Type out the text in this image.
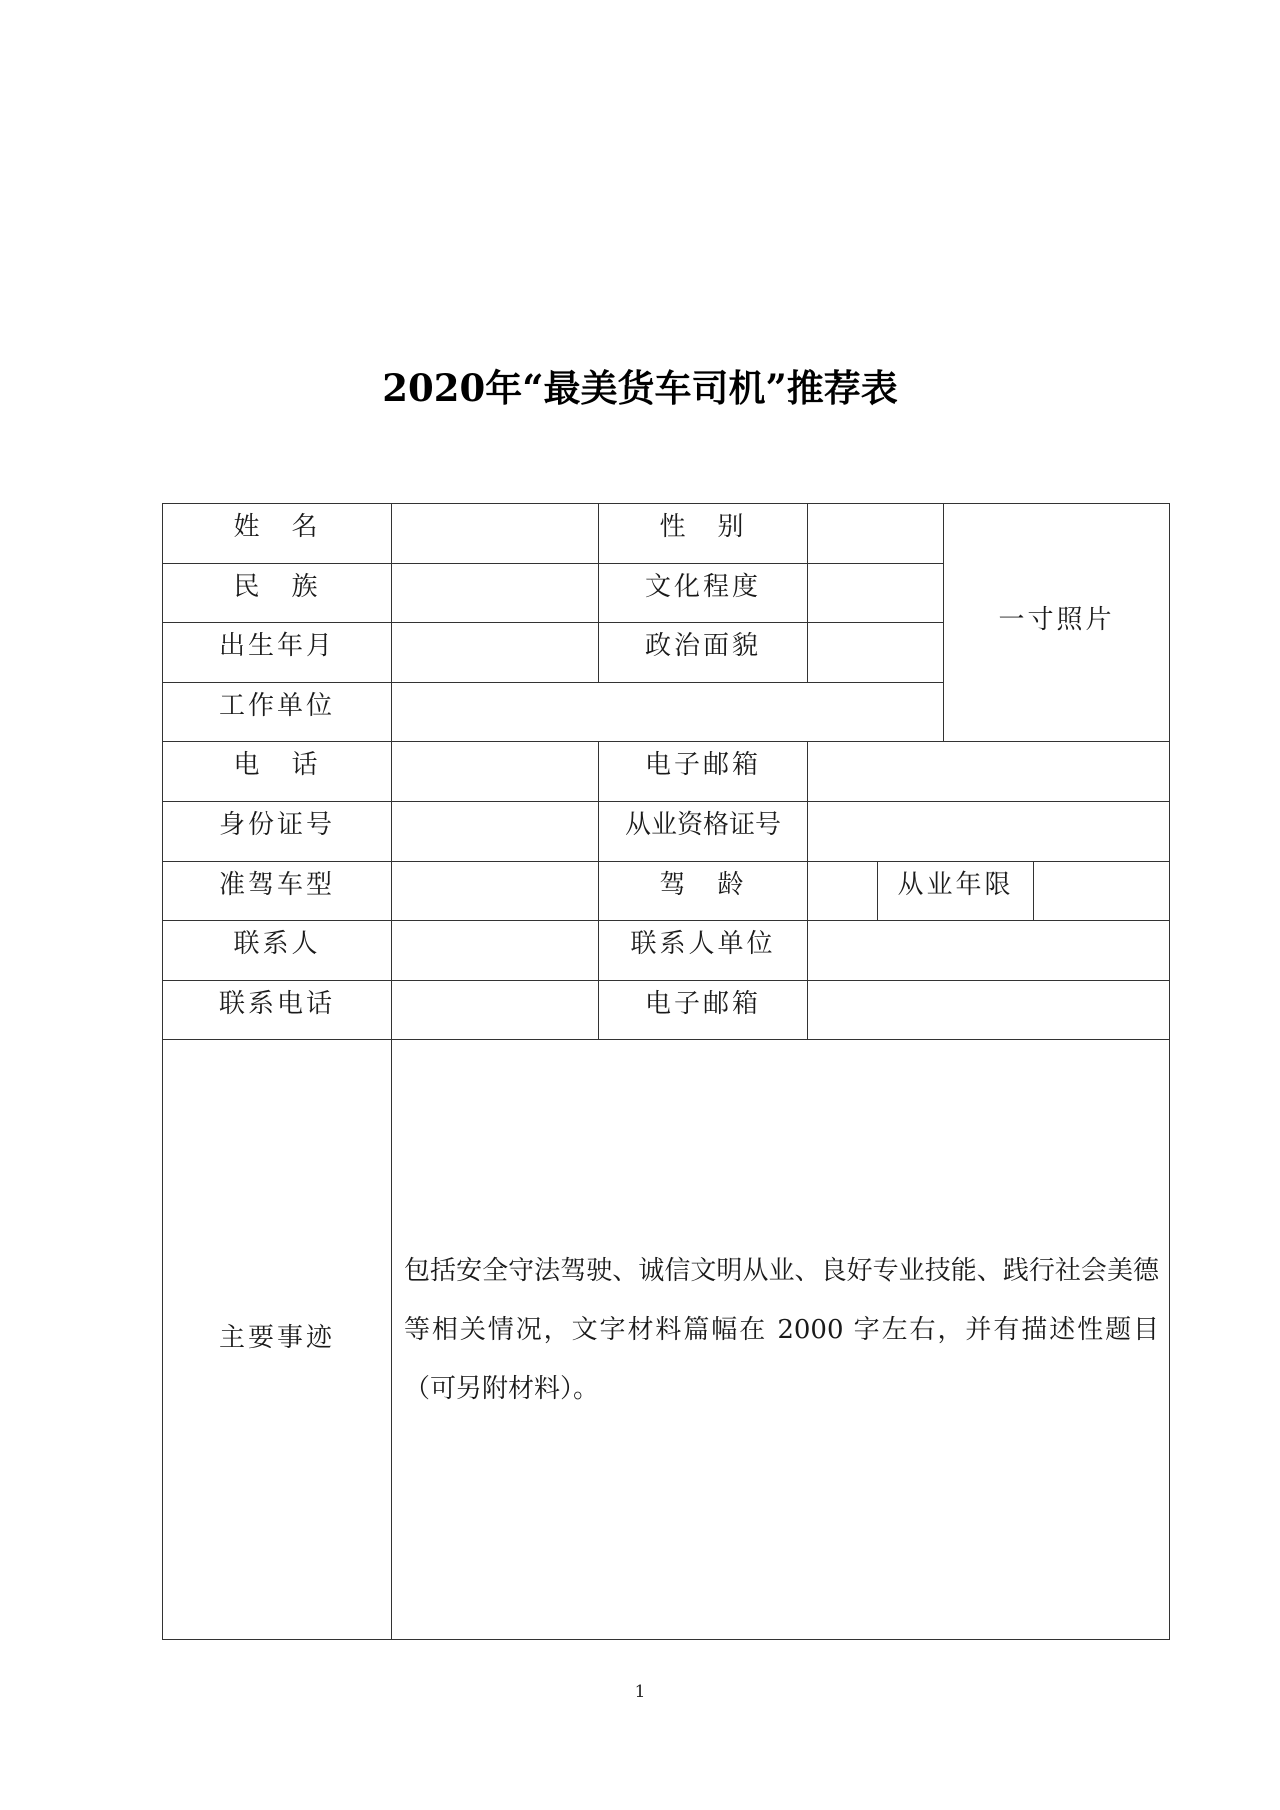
2020年“最美货车司机”推荐表
姓　名		性　别			一寸照片	

民　族		文化程度				

出生年月		政治面貌				

工作单位						

电　话		电子邮箱				

身份证号		从业资格证号				

准驾车型		驾　龄		从业年限		

联系人		联系人单位				

联系电话		电子邮箱				

主要事迹	包括安全守法驾驶、诚信文明从业、良好专业技能、践行社会美德等相关情况，文字材料篇幅在 2000 字左右，并有描述性题目（可另附材料）。					

1
